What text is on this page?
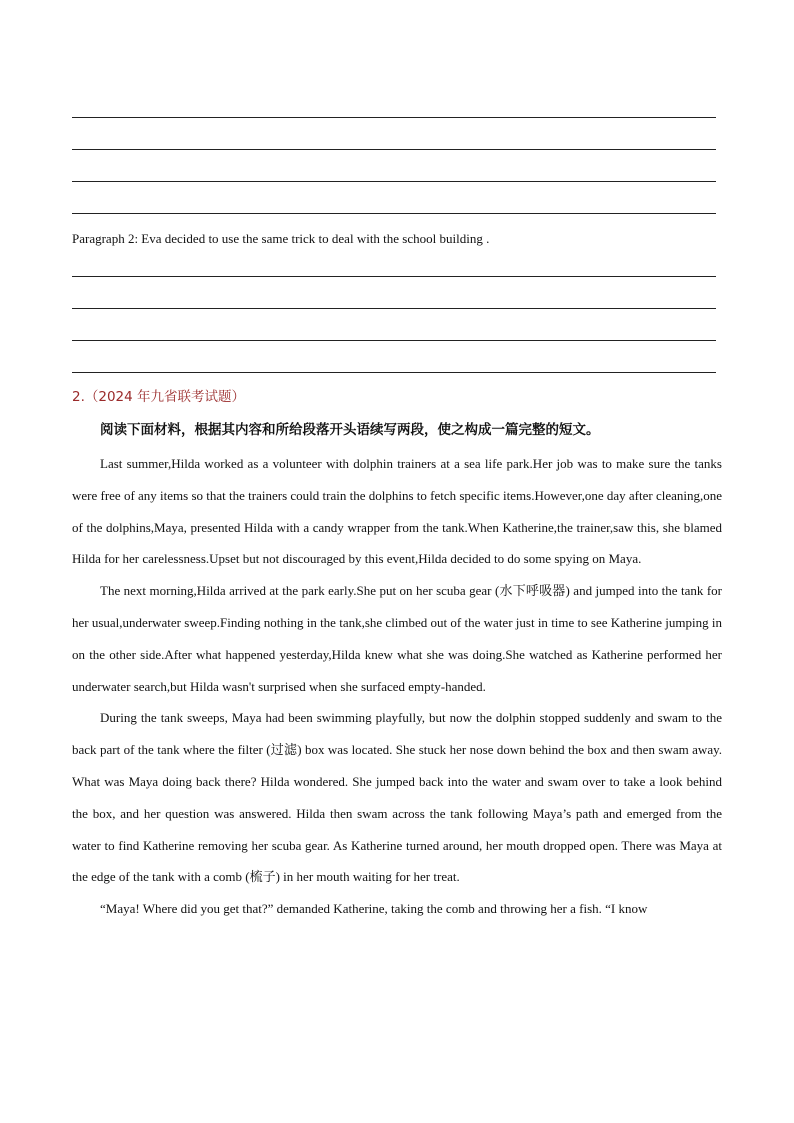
Paragraph 2: Eva decided to use the same trick to deal with the school building .
2.（2024 年九省联考试题）
阅读下面材料，根据其内容和所给段落开头语续写两段，使之构成一篇完整的短文。

Last summer,Hilda worked as a volunteer with dolphin trainers at a sea life park.Her job was to make sure the tanks were free of any items so that the trainers could train the dolphins to fetch specific items.However,one day after cleaning,one of the dolphins,Maya, presented Hilda with a candy wrapper from the tank.When Katherine,the trainer,saw this, she blamed Hilda for her carelessness.Upset but not discouraged by this event,Hilda decided to do some spying on Maya.

The next morning,Hilda arrived at the park early.She put on her scuba gear (水下呼吸器) and jumped into the tank for her usual,underwater sweep.Finding nothing in the tank,she climbed out of the water just in time to see Katherine jumping in on the other side.After what happened yesterday,Hilda knew what she was doing.She watched as Katherine performed her underwater search,but Hilda wasn't surprised when she surfaced empty-handed.

During the tank sweeps, Maya had been swimming playfully, but now the dolphin stopped suddenly and swam to the back part of the tank where the filter (过滤) box was located. She stuck her nose down behind the box and then swam away. What was Maya doing back there? Hilda wondered. She jumped back into the water and swam over to take a look behind the box, and her question was answered. Hilda then swam across the tank following Maya’s path and emerged from the water to find Katherine removing her scuba gear. As Katherine turned around, her mouth dropped open. There was Maya at the edge of the tank with a comb (梳子) in her mouth waiting for her treat.

“Maya! Where did you get that?” demanded Katherine, taking the comb and throwing her a fish. “I know
